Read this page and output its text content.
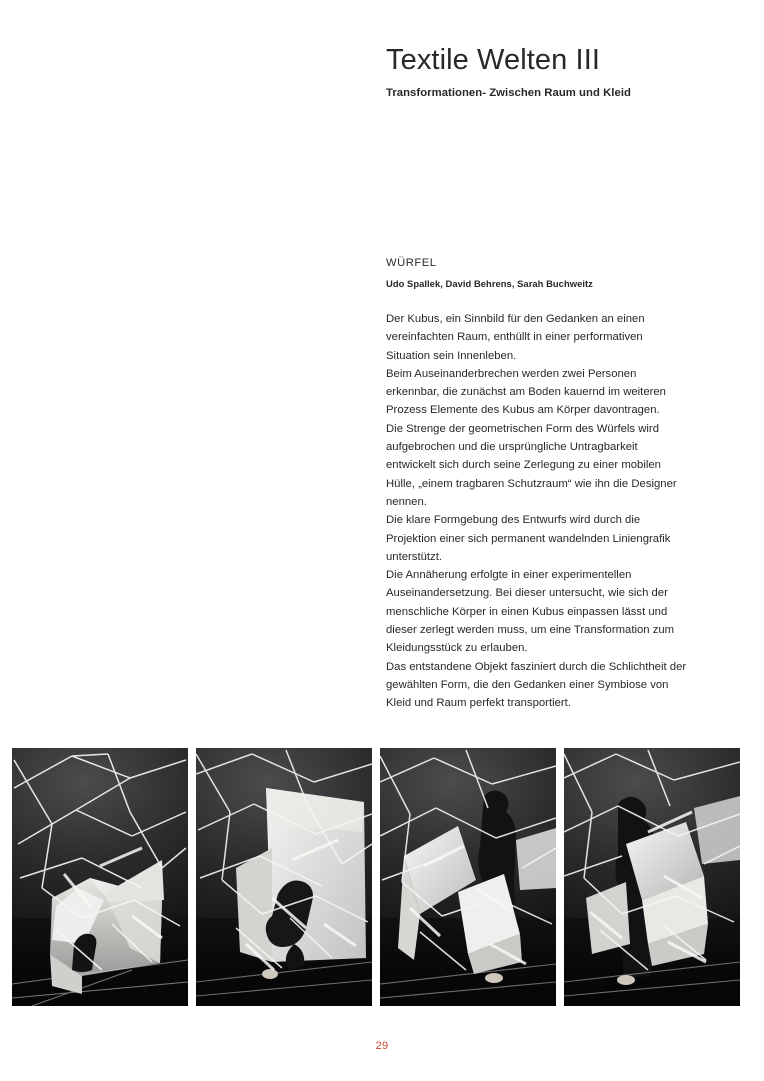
Textile Welten III

Transformationen- Zwischen Raum und Kleid

WÜRFEL

Udo Spallek, David Behrens, Sarah Buchweitz

Der Kubus, ein Sinnbild für den Gedanken an einen vereinfachten Raum, enthüllt in einer performativen Situation sein Innenleben.

Beim Auseinanderbrechen werden zwei Personen erkennbar, die zunächst am Boden kauernd im weiteren Prozess Elemente des Kubus am Körper davontragen.

Die Strenge der geometrischen Form des Würfels wird aufgebrochen und die ursprüngliche Untragbarkeit entwickelt sich durch seine Zerlegung zu einer mobilen Hülle, „einem tragbaren Schutzraum“ wie ihn die Designer nennen.

Die klare Formgebung des Entwurfs wird durch die Projektion einer sich permanent wandelnden Liniengrafik unterstützt.

Die Annäherung erfolgte in einer experimentellen Auseinandersetzung. Bei dieser untersucht, wie sich der menschliche Körper in einen Kubus einpassen lässt und dieser zerlegt werden muss, um eine Transformation zum Kleidungsstück zu erlauben.

Das entstandene Objekt fasziniert durch die Schlichtheit der gewählten Form, die den Gedanken einer Symbiose von Kleid und Raum perfekt transportiert.

29
